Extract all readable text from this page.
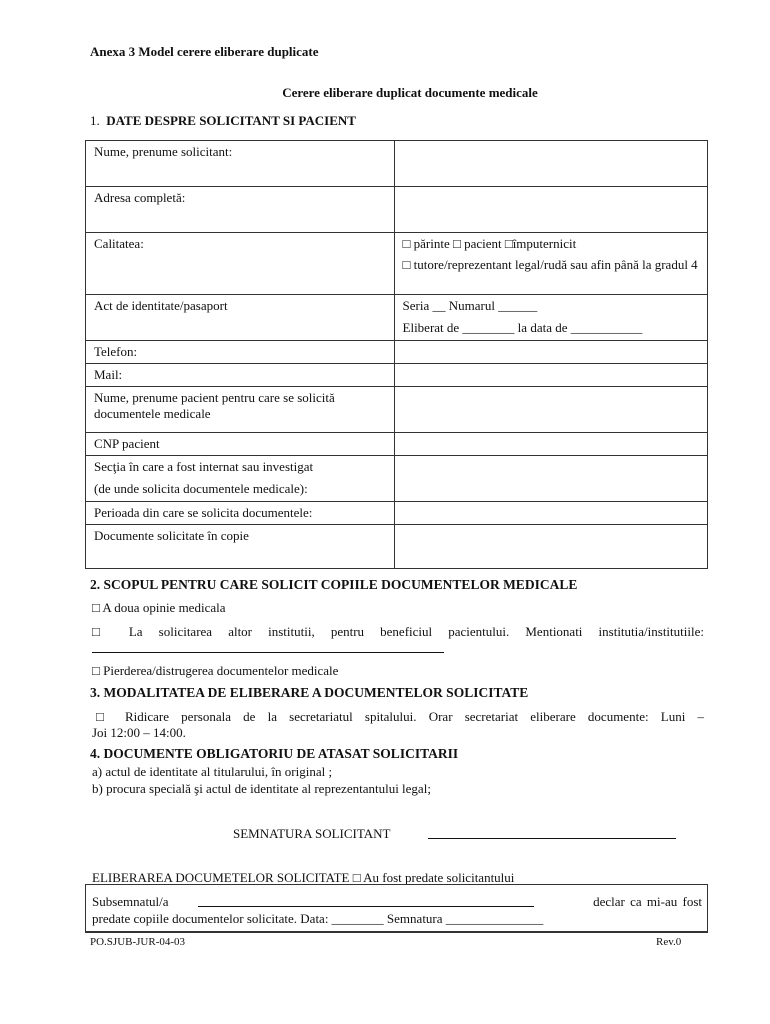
Anexa 3 Model cerere eliberare duplicate
Cerere eliberare duplicat documente medicale
1. DATE DESPRE SOLICITANT SI PACIENT
Nume, prenume solicitant:	
Adresa completă:	
Calitatea:	□ părinte □ pacient □împuternicit
□ tutore/reprezentant legal/rudă sau afin până la gradul 4

Act de identitate/pasaport	Seria __ Numarul ______
Eliberat de ________ la data de ___________

Telefon:	
Mail:	
Nume, prenume pacient pentru care se solicită documentele medicale	
CNP pacient	

Secţia în care a fost internat sau investigat
(de unde solicita documentele medicale):	

Perioada din care se solicita documentele:	
Documente solicitate în copie	
2. SCOPUL PENTRU CARE SOLICIT COPIILE DOCUMENTELOR MEDICALE
□ A doua opinie medicala
□ La solicitarea altor institutii, pentru beneficiul pacientului. Mentionati institutia/institutiile:
□ Pierderea/distrugerea documentelor medicale
3. MODALITATEA DE ELIBERARE A DOCUMENTELOR SOLICITATE
□ Ridicare personala de la secretariatul spitalului. Orar secretariat eliberare documente: Luni –
Joi 12:00 – 14:00.
4. DOCUMENTE OBLIGATORIU DE ATASAT SOLICITARII
a) actul de identitate al titularului, în original ;
b) procura specială şi actul de identitate al reprezentantului legal;
SEMNATURA SOLICITANT
ELIBERAREA DOCUMETELOR SOLICITATE □ Au fost predate solicitantului
Subsemnatul/a	declar ca mi-au fost
predate copiile documentelor solicitate. Data: ________ Semnatura _______________
PO.SJUB-JUR-04-03	Rev.0
